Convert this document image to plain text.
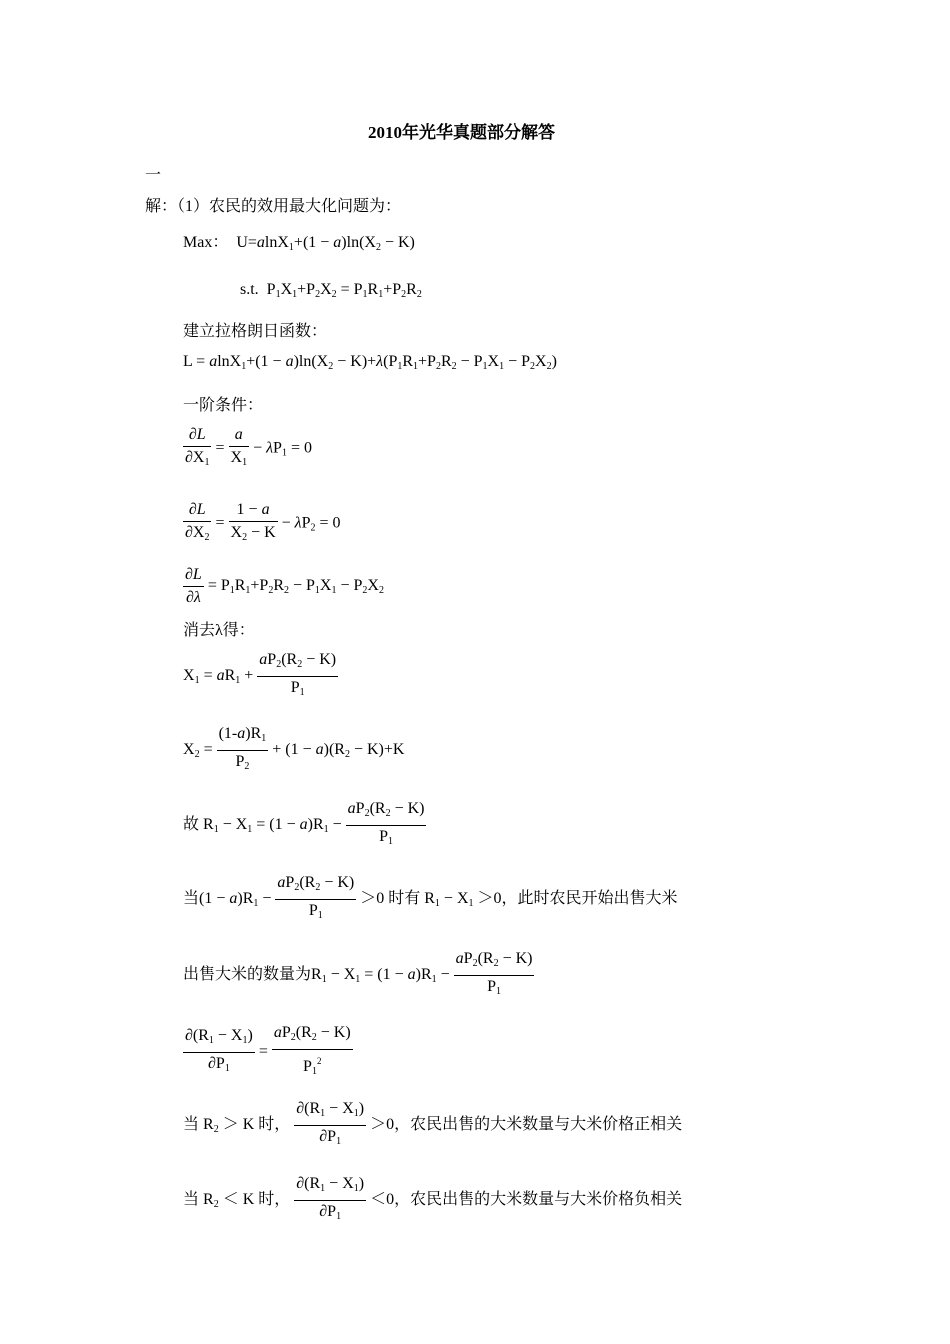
2010年光华真题部分解答
一
解：（1）农民的效用最大化问题为：
Max：  $U=alnX_1+(1 - a)\ln(X_2 - K)$
s.t.  $P_1X_1+P_2X_2 = P_1R_1+P_2R_2$
建立拉格朗日函数：
$L = alnX_1+(1 - a)\ln(X_2 - K)+\lambda(P_1R_1+P_2R_2 - P_1X_1 - P_2X_2)$
一阶条件：
$\frac{\partial L}{\partial X_1} = \frac{a}{X_1} - \lambda P_1 = 0$
$\frac{\partial L}{\partial X_2} = \frac{1 - a}{X_2 - K} - \lambda P_2 = 0$
$\frac{\partial L}{\partial\lambda} = P_1R_1+P_2R_2 - P_1X_1 - P_2X_2$
消去λ得：
$X_1 = aR_1 + \frac{aP_2(R_2 - K)}{P_1}$
$X_2 = \frac{(1-a)R_1}{P_2} + (1 - a)(R_2 - K)+K$
故 $R_1 - X_1 = (1 - a)R_1 - \frac{aP_2(R_2 - K)}{P_1}$
当$(1 - a)R_1 - \frac{aP_2(R_2 - K)}{P_1} >0$ 时有 $R_1 - X_1 >0$，此时农民开始出售大米
出售大米的数量为$R_1 - X_1 = (1 - a)R_1 - \frac{aP_2(R_2 - K)}{P_1}$
$\frac{\partial(R_1 - X_1)}{\partial P_1} = \frac{aP_2(R_2 - K)}{P_1^2}$
当 $R_2 > K$ 时， $\frac{\partial(R_1 - X_1)}{\partial P_1} >0$，农民出售的大米数量与大米价格正相关
当 $R_2 < K$ 时， $\frac{\partial(R_1 - X_1)}{\partial P_1} <0$，农民出售的大米数量与大米价格负相关
